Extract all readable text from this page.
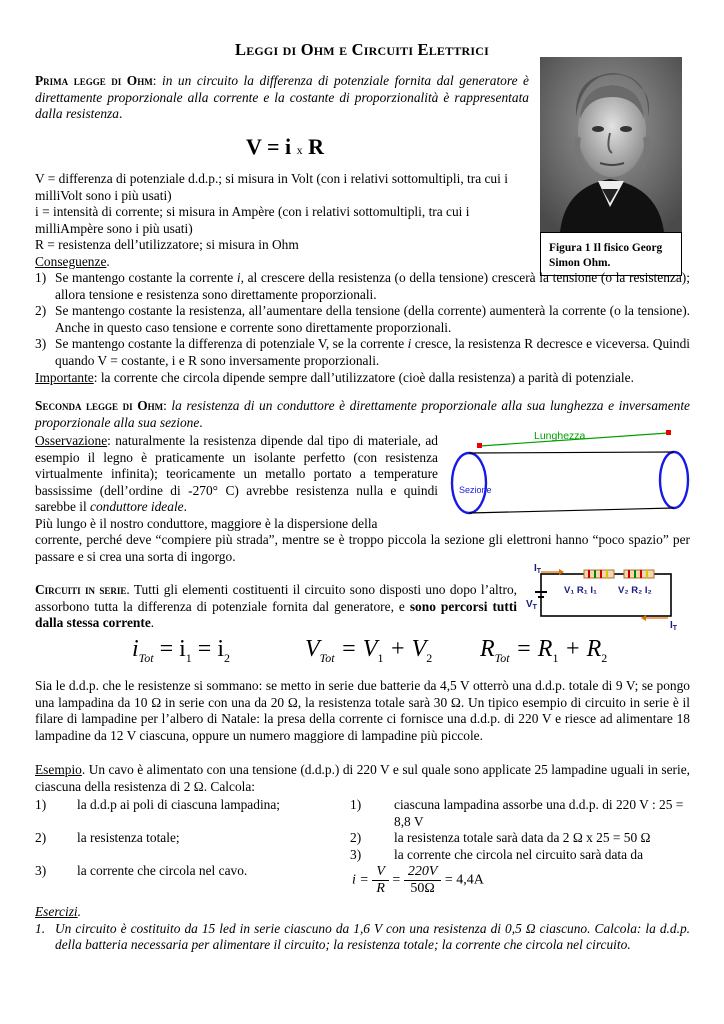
Leggi di Ohm e Circuiti Elettrici
Figura 1 Il fisico Georg Simon Ohm.
Prima legge di Ohm: in un circuito la differenza di potenziale fornita dal generatore è direttamente proporzionale alla corrente e la costante di proporzionalità è rappresentata dalla resistenza.
V = i x R
V = differenza di potenziale d.d.p.; si misura in Volt (con i relativi sottomultipli, tra cui i milliVolt sono i più usati)
i = intensità di corrente; si misura in Ampère (con i relativi sottomultipli, tra cui i milliAmpère sono i più usati)
R = resistenza dell’utilizzatore; si misura in Ohm
Conseguenze.
1) Se mantengo costante la corrente i, al crescere della resistenza (o della tensione) crescerà la tensione (o la resistenza); allora tensione e resistenza sono direttamente proporzionali.
2) Se mantengo costante la resistenza, all’aumentare della tensione (della corrente) aumenterà la corrente (o la tensione). Anche in questo caso tensione e corrente sono direttamente proporzionali.
3) Se mantengo costante la differenza di potenziale V, se la corrente i cresce, la resistenza R decresce e viceversa. Quindi quando V = costante, i e R sono inversamente proporzionali.
Importante: la corrente che circola dipende sempre dall’utilizzatore (cioè dalla resistenza) a parità di potenziale.
Seconda legge di Ohm: la resistenza di un conduttore è direttamente proporzionale alla sua lunghezza e inversamente proporzionale alla sua sezione.
Osservazione: naturalmente la resistenza dipende dal tipo di materiale, ad esempio il legno è praticamente un isolante perfetto (con resistenza virtualmente infinita); teoricamente un metallo portato a temperature bassissime (dell’ordine di -270° C) avrebbe resistenza nulla e quindi sarebbe il conduttore ideale.
Più lungo è il nostro conduttore, maggiore è la dispersione della
corrente, perché deve “compiere più strada”, mentre se è troppo piccola la sezione gli elettroni hanno “poco spazio” per passare e si crea una sorta di ingorgo.
Lunghezza
Sezione
Circuiti in serie. Tutti gli elementi costituenti il circuito sono disposti uno dopo l’altro, assorbono tutta la differenza di potenziale fornita dal generatore, e sono percorsi tutti dalla stessa corrente.
$I_T$
$V_T$
V₁ R₁ I₁ V₂ R₂ I₂
$I_T$
$i_{Tot} = i_1 = i_2$	$V_{Tot} = V_1 + V_2$ $R_{Tot} = R_1 + R_2$
Sia le d.d.p. che le resistenze si sommano: se metto in serie due batterie da 4,5 V otterrò una d.d.p. totale di 9 V; se pongo una lampadina da 10 Ω in serie con una da 20 Ω, la resistenza totale sarà 30 Ω. Un tipico esempio di circuito in serie è il filare di lampadine per l’albero di Natale: la presa della corrente ci fornisce una d.d.p. di 220 V e riesce ad alimentare 18 lampadine da 12 V ciascuna, oppure un numero maggiore di lampadine più piccole.
Esempio. Un cavo è alimentato con una tensione (d.d.p.) di 220 V e sul quale sono applicate 25 lampadine uguali in serie, ciascuna della resistenza di 2 Ω. Calcola:
1) la d.d.p ai poli di ciascuna lampadina;
2) la resistenza totale;
3) la corrente che circola nel cavo.
1) ciascuna lampadina assorbe una d.d.p. di 220 V : 25 = 8,8 V
2) la resistenza totale sarà data da 2 Ω x 25 = 50 Ω
3) la corrente che circola nel circuito sarà data da
$i = \frac{V}{R} = \frac{220V}{50\Omega} = 4,4A$
Esercizi.
1. Un circuito è costituito da 15 led in serie ciascuno da 1,6 V con una resistenza di 0,5 Ω ciascuno. Calcola: la d.d.p. della batteria necessaria per alimentare il circuito; la resistenza totale; la corrente che circola nel circuito.
